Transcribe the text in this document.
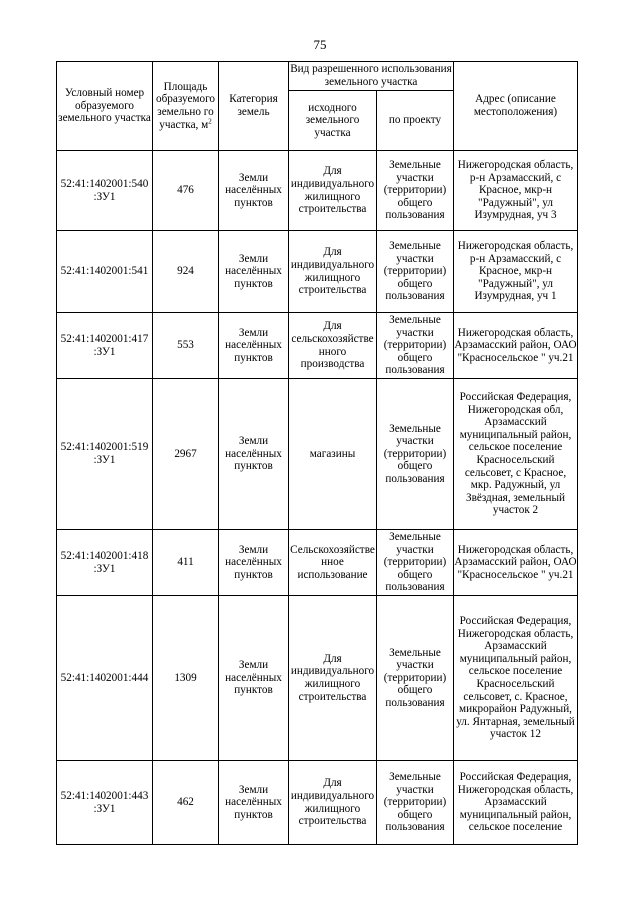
75
Условный номер образуемого земельного участка	Площадь образуемого земельно го участка, $м^2$	Категория земель	Вид разрешенного использования земельного участка		Адрес (описание местоположения)
			исходного земельного участка	по проекту	
52:41:1402001:540 :ЗУ1	476	Земли населённых пунктов	Для индивидуального жилищного строительства	Земельные участки (территории) общего пользования	Нижегородская область, р-н Арзамасский, с Красное, мкр-н "Радужный", ул Изумрудная, уч 3
52:41:1402001:541	924	Земли населённых пунктов	Для индивидуального жилищного строительства	Земельные участки (территории) общего пользования	Нижегородская область, р-н Арзамасский, с Красное, мкр-н "Радужный", ул Изумрудная, уч 1
52:41:1402001:417 :ЗУ1	553	Земли населённых пунктов	Для сельскохозяйстве нного производства	Земельные участки (территории) общего пользования	Нижегородская область, Арзамасский район, ОАО "Красносельское " уч.21
52:41:1402001:519 :ЗУ1	2967	Земли населённых пунктов	магазины	Земельные участки (территории) общего пользования	Российская Федерация, Нижегородская обл, Арзамасский муниципальный район, сельское поселение Красносельский сельсовет, с Красное, мкр. Радужный, ул Звёздная, земельный участок 2
52:41:1402001:418 :ЗУ1	411	Земли населённых пунктов	Сельскохозяйстве нное использование	Земельные участки (территории) общего пользования	Нижегородская область, Арзамасский район, ОАО "Красносельское " уч.21
52:41:1402001:444	1309	Земли населённых пунктов	Для индивидуального жилищного строительства	Земельные участки (территории) общего пользования	Российская Федерация, Нижегородская область, Арзамасский муниципальный район, сельское поселение Красносельский сельсовет, с. Красное, микрорайон Радужный, ул. Янтарная, земельный участок 12
52:41:1402001:443 :ЗУ1	462	Земли населённых пунктов	Для индивидуального жилищного строительства	Земельные участки (территории) общего пользования	Российская Федерация, Нижегородская область, Арзамасский муниципальный район, сельское поселение
